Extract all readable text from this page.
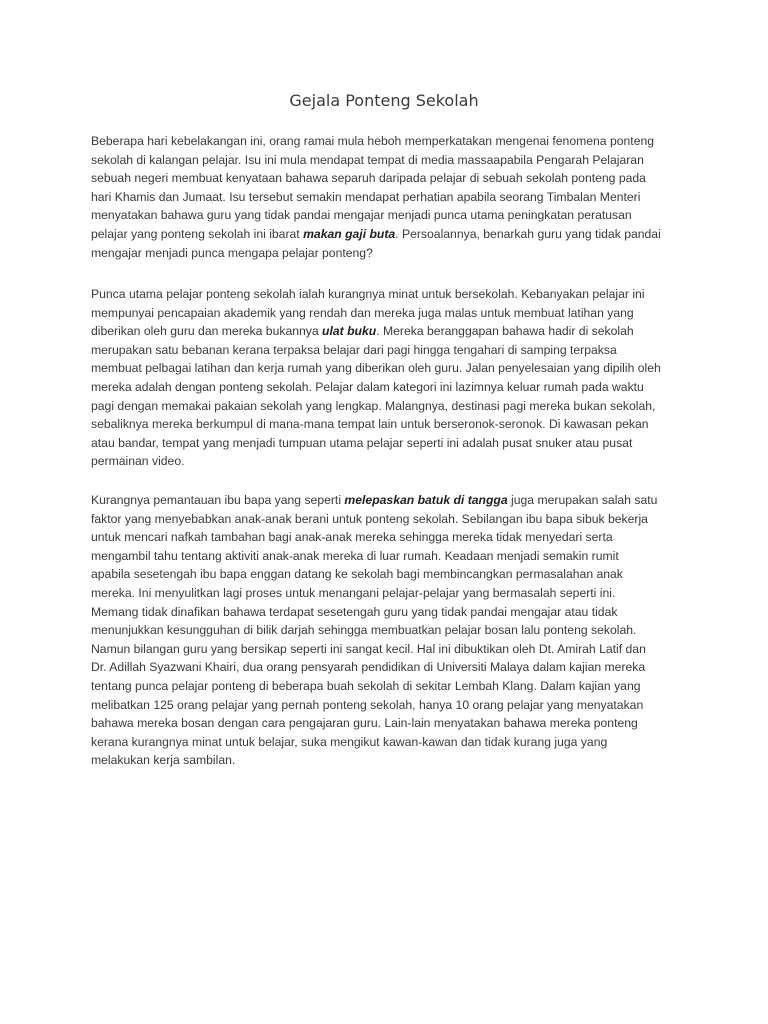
Gejala Ponteng Sekolah
Beberapa hari kebelakangan ini, orang ramai mula heboh memperkatakan mengenai fenomena ponteng
sekolah di kalangan pelajar. Isu ini mula mendapat tempat di media massaapabila Pengarah Pelajaran
sebuah negeri membuat kenyataan bahawa separuh daripada pelajar di sebuah sekolah ponteng pada
hari Khamis dan Jumaat. Isu tersebut semakin mendapat perhatian apabila seorang Timbalan Menteri
menyatakan bahawa guru yang tidak pandai mengajar menjadi punca utama peningkatan peratusan
pelajar yang ponteng sekolah ini ibarat makan gaji buta. Persoalannya, benarkah guru yang tidak pandai
mengajar menjadi punca mengapa pelajar ponteng?
Punca utama pelajar ponteng sekolah ialah kurangnya minat untuk bersekolah. Kebanyakan pelajar ini
mempunyai pencapaian akademik yang rendah dan mereka juga malas untuk membuat latihan yang
diberikan oleh guru dan mereka bukannya ulat buku. Mereka beranggapan bahawa hadir di sekolah
merupakan satu bebanan kerana terpaksa belajar dari pagi hingga tengahari di samping terpaksa
membuat pelbagai latihan dan kerja rumah yang diberikan oleh guru. Jalan penyelesaian yang dipilih oleh
mereka adalah dengan ponteng sekolah. Pelajar dalam kategori ini lazimnya keluar rumah pada waktu
pagi dengan memakai pakaian sekolah yang lengkap. Malangnya, destinasi pagi mereka bukan sekolah,
sebaliknya mereka berkumpul di mana-mana tempat lain untuk berseronok-seronok. Di kawasan pekan
atau bandar, tempat yang menjadi tumpuan utama pelajar seperti ini adalah pusat snuker atau pusat
permainan video.
Kurangnya pemantauan ibu bapa yang seperti melepaskan batuk di tangga juga merupakan salah satu
faktor yang menyebabkan anak-anak berani untuk ponteng sekolah. Sebilangan ibu bapa sibuk bekerja
untuk mencari nafkah tambahan bagi anak-anak mereka sehingga mereka tidak menyedari serta
mengambil tahu tentang aktiviti anak-anak mereka di luar rumah. Keadaan menjadi semakin rumit
apabila sesetengah ibu bapa enggan datang ke sekolah bagi membincangkan permasalahan anak
mereka. Ini menyulitkan lagi proses untuk menangani pelajar-pelajar yang bermasalah seperti ini.
Memang tidak dinafikan bahawa terdapat sesetengah guru yang tidak pandai mengajar atau tidak
menunjukkan kesungguhan di bilik darjah sehingga membuatkan pelajar bosan lalu ponteng sekolah.
Namun bilangan guru yang bersikap seperti ini sangat kecil. Hal ini dibuktikan oleh Dt. Amirah Latif dan
Dr. Adillah Syazwani Khairi, dua orang pensyarah pendidikan di Universiti Malaya dalam kajian mereka
tentang punca pelajar ponteng di beberapa buah sekolah di sekitar Lembah Klang. Dalam kajian yang
melibatkan 125 orang pelajar yang pernah ponteng sekolah, hanya 10 orang pelajar yang menyatakan
bahawa mereka bosan dengan cara pengajaran guru. Lain-lain menyatakan bahawa mereka ponteng
kerana kurangnya minat untuk belajar, suka mengikut kawan-kawan dan tidak kurang juga yang
melakukan kerja sambilan.
